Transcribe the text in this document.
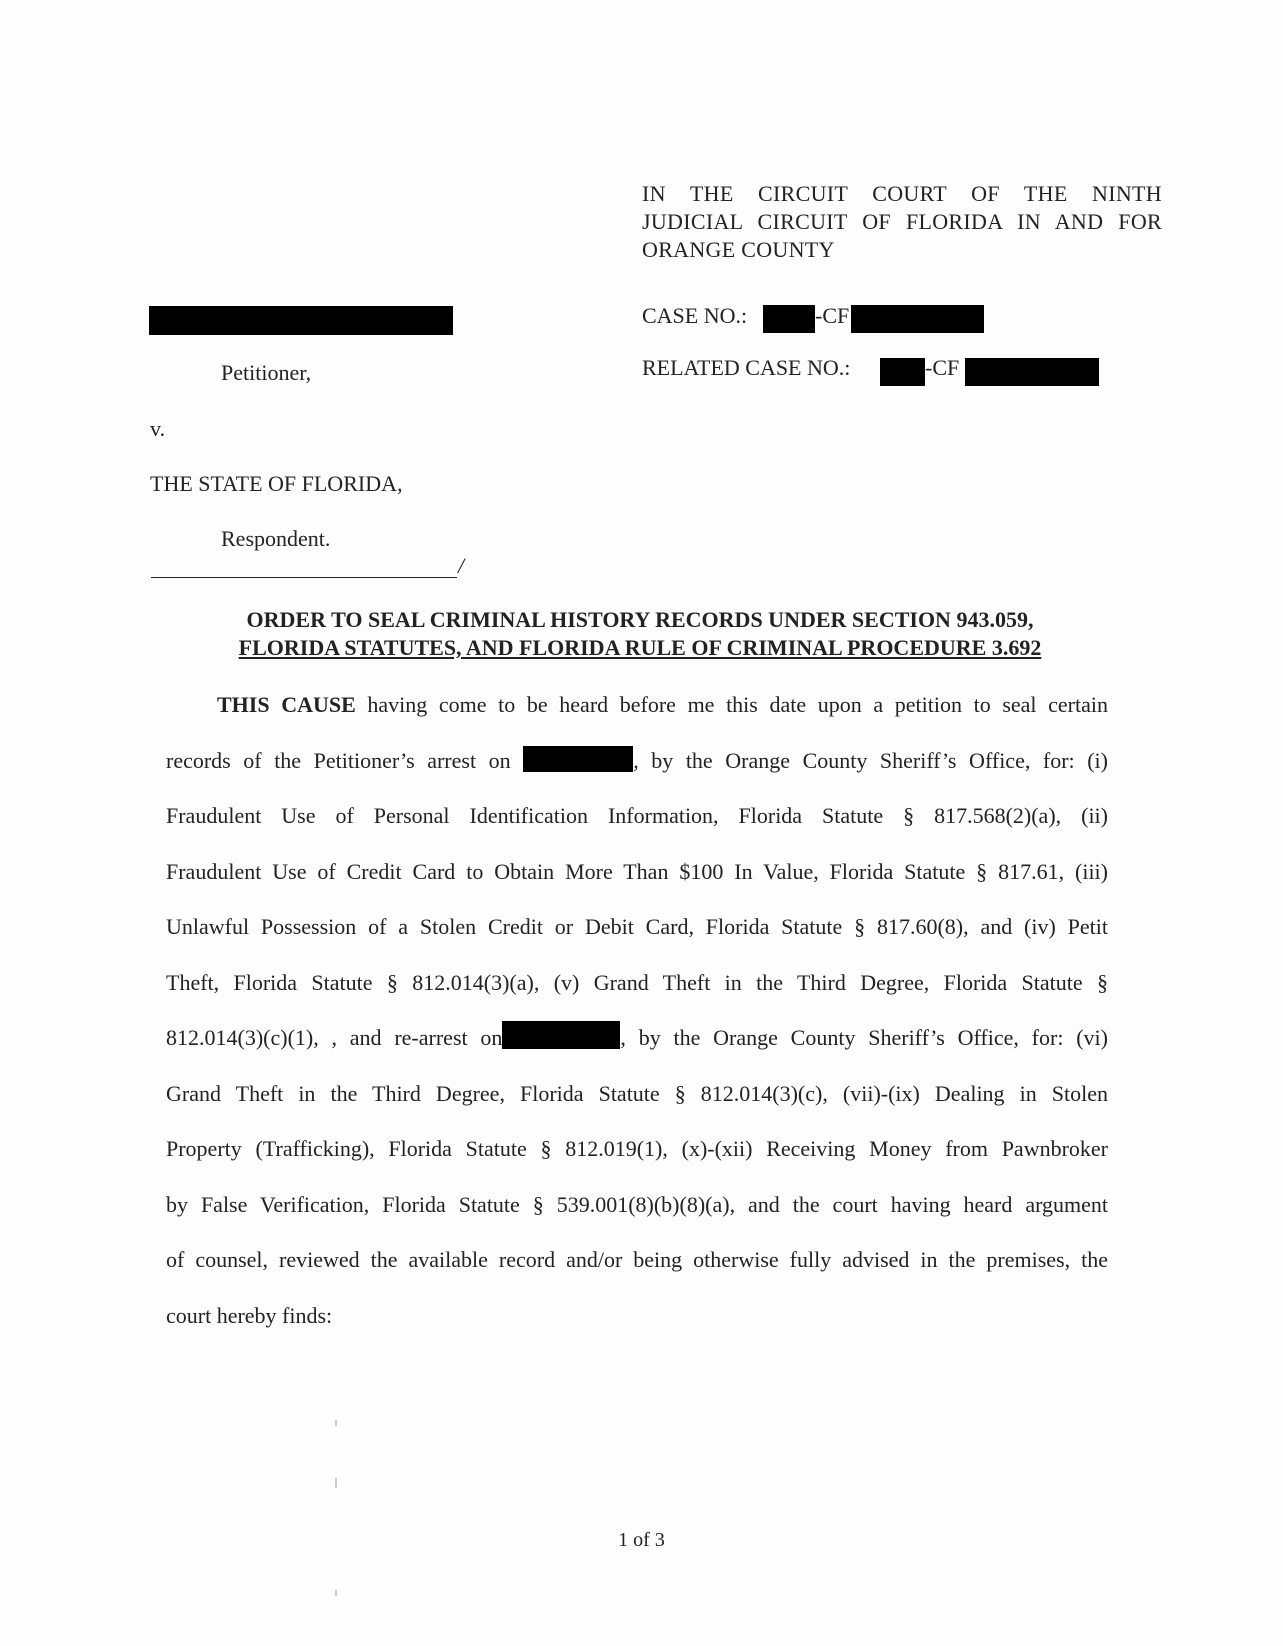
IN THE CIRCUIT COURT OF THE NINTH
JUDICIAL CIRCUIT OF FLORIDA IN AND FOR
ORANGE COUNTY
CASE NO.:	-CF
RELATED CASE NO.:	-CF
Petitioner,
v.
THE STATE OF FLORIDA,
Respondent.
/
ORDER TO SEAL CRIMINAL HISTORY RECORDS UNDER SECTION 943.059,
FLORIDA STATUTES, AND FLORIDA RULE OF CRIMINAL PROCEDURE 3.692
THIS CAUSE having come to be heard before me this date upon a petition to seal certain
records of the Petitioner’s arrest on	, by the Orange County Sheriff’s Office, for: (i)
Fraudulent Use of Personal Identification Information, Florida Statute § 817.568(2)(a), (ii)
Fraudulent Use of Credit Card to Obtain More Than $100 In Value, Florida Statute § 817.61, (iii)
Unlawful Possession of a Stolen Credit or Debit Card, Florida Statute § 817.60(8), and (iv) Petit
Theft, Florida Statute § 812.014(3)(a), (v) Grand Theft in the Third Degree, Florida Statute §
812.014(3)(c)(1), , and re-arrest on	, by the Orange County Sheriff’s Office, for: (vi)
Grand Theft in the Third Degree, Florida Statute § 812.014(3)(c), (vii)-(ix) Dealing in Stolen
Property (Trafficking), Florida Statute § 812.019(1), (x)-(xii) Receiving Money from Pawnbroker
by False Verification, Florida Statute § 539.001(8)(b)(8)(a), and the court having heard argument
of counsel, reviewed the available record and/or being otherwise fully advised in the premises, the
court hereby finds:
1 of 3
